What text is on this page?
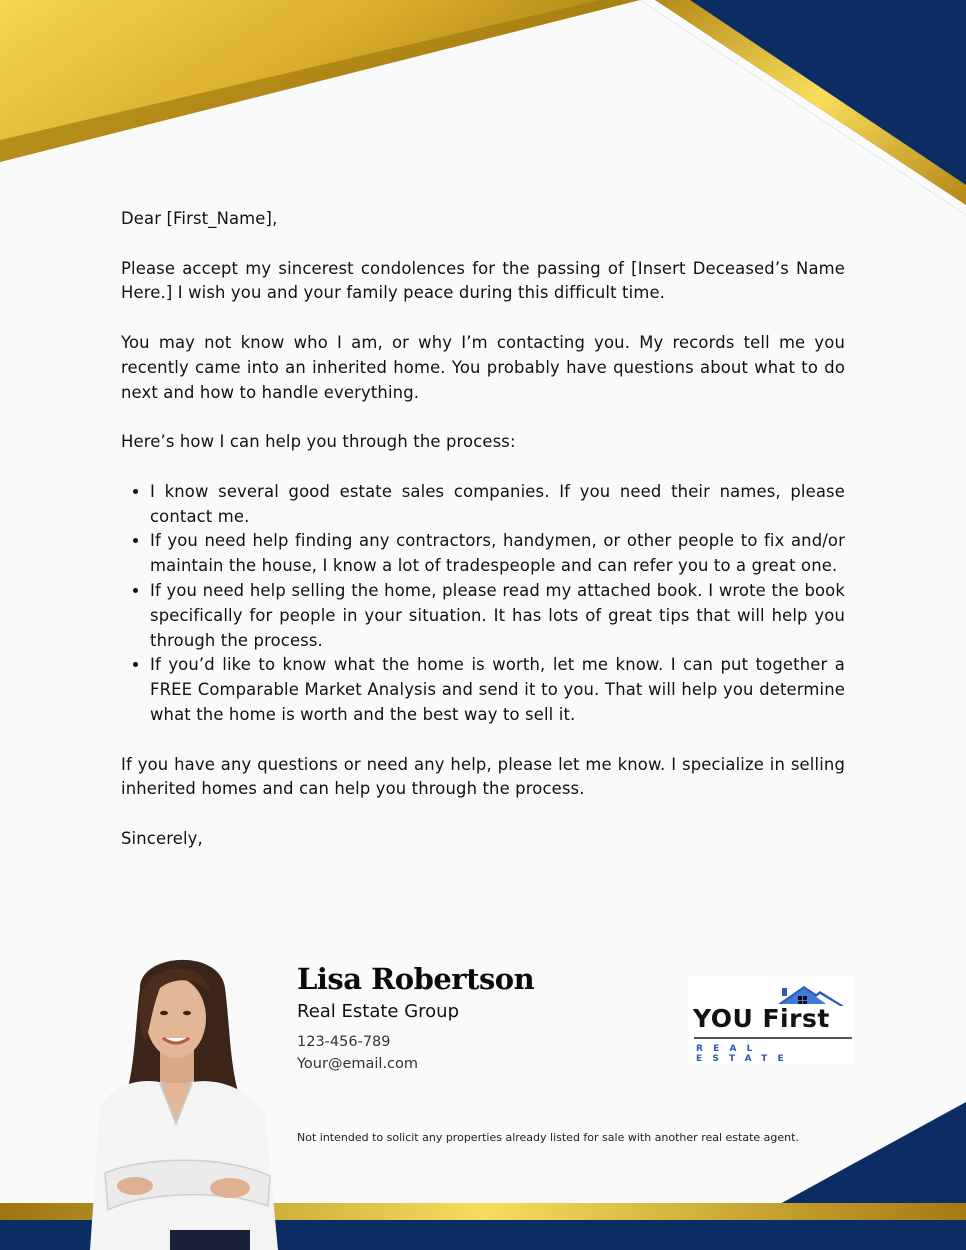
Dear [First_Name],

Please accept my sincerest condolences for the passing of [Insert Deceased’s Name Here.] I wish you and your family peace during this difficult time.

You may not know who I am, or why I’m contacting you. My records tell me you recently came into an inherited home. You probably have questions about what to do next and how to handle everything.

Here’s how I can help you through the process:

• I know several good estate sales companies. If you need their names, please contact me.
• If you need help finding any contractors, handymen, or other people to fix and/or maintain the house, I know a lot of tradespeople and can refer you to a great one.
• If you need help selling the home, please read my attached book. I wrote the book specifically for people in your situation. It has lots of great tips that will help you through the process.
• If you’d like to know what the home is worth, let me know. I can put together a FREE Comparable Market Analysis and send it to you. That will help you determine what the home is worth and the best way to sell it.

If you have any questions or need any help, please let me know. I specialize in selling inherited homes and can help you through the process.

Sincerely,

Lisa Robertson
Real Estate Group
123-456-789
Your@email.com
YOU First
REAL ESTATE
Not intended to solicit any properties already listed for sale with another real estate agent.
